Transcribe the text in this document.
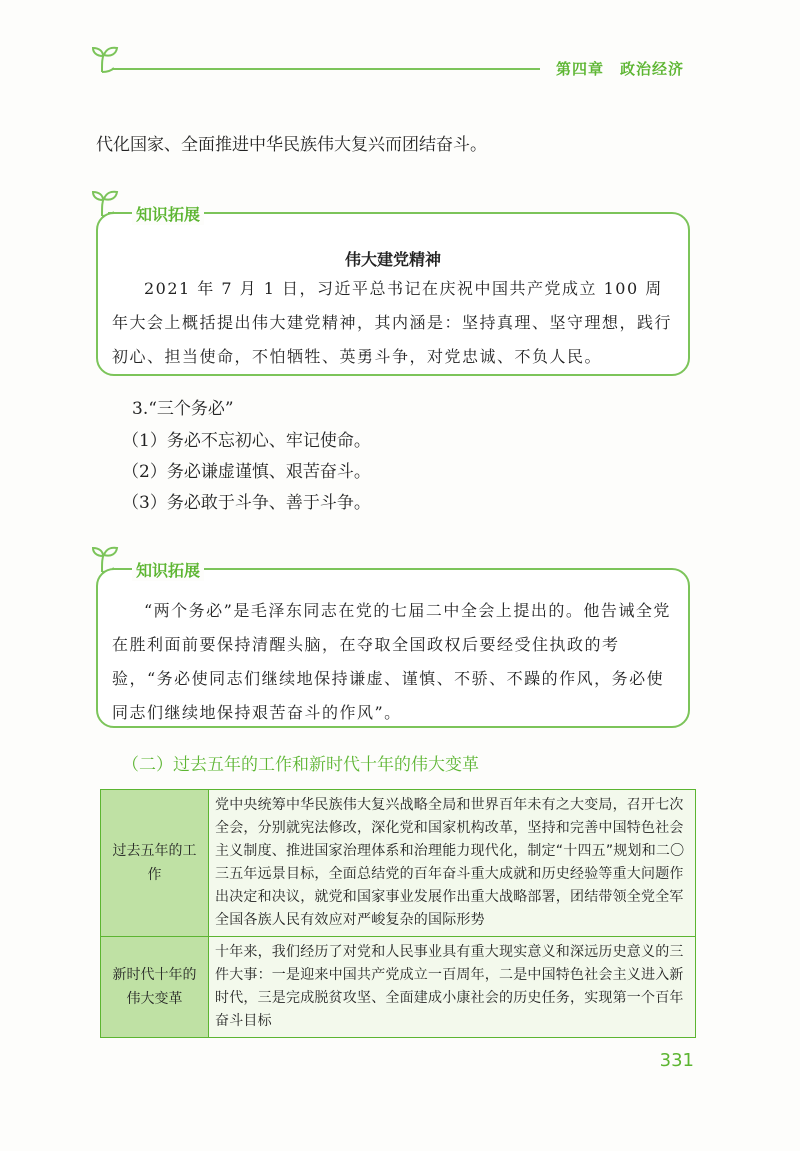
第四章　政治经济
代化国家、全面推进中华民族伟大复兴而团结奋斗。
知识拓展
伟大建党精神
2021 年 7 月 1 日，习近平总书记在庆祝中国共产党成立 100 周年大会上概括提出伟大建党精神，其内涵是：坚持真理、坚守理想，践行初心、担当使命，不怕牺牲、英勇斗争，对党忠诚、不负人民。
3.“三个务必”
（1）务必不忘初心、牢记使命。
（2）务必谦虚谨慎、艰苦奋斗。
（3）务必敢于斗争、善于斗争。
知识拓展
“两个务必”是毛泽东同志在党的七届二中全会上提出的。他告诫全党在胜利面前要保持清醒头脑，在夺取全国政权后要经受住执政的考验，“务必使同志们继续地保持谦虚、谨慎、不骄、不躁的作风，务必使同志们继续地保持艰苦奋斗的作风”。
（二）过去五年的工作和新时代十年的伟大变革
过去五年的工作	党中央统筹中华民族伟大复兴战略全局和世界百年未有之大变局，召开七次全会，分别就宪法修改，深化党和国家机构改革，坚持和完善中国特色社会主义制度、推进国家治理体系和治理能力现代化，制定“十四五”规划和二〇三五年远景目标，全面总结党的百年奋斗重大成就和历史经验等重大问题作出决定和决议，就党和国家事业发展作出重大战略部署，团结带领全党全军全国各族人民有效应对严峻复杂的国际形势
新时代十年的伟大变革	十年来，我们经历了对党和人民事业具有重大现实意义和深远历史意义的三件大事：一是迎来中国共产党成立一百周年，二是中国特色社会主义进入新时代，三是完成脱贫攻坚、全面建成小康社会的历史任务，实现第一个百年奋斗目标
331
